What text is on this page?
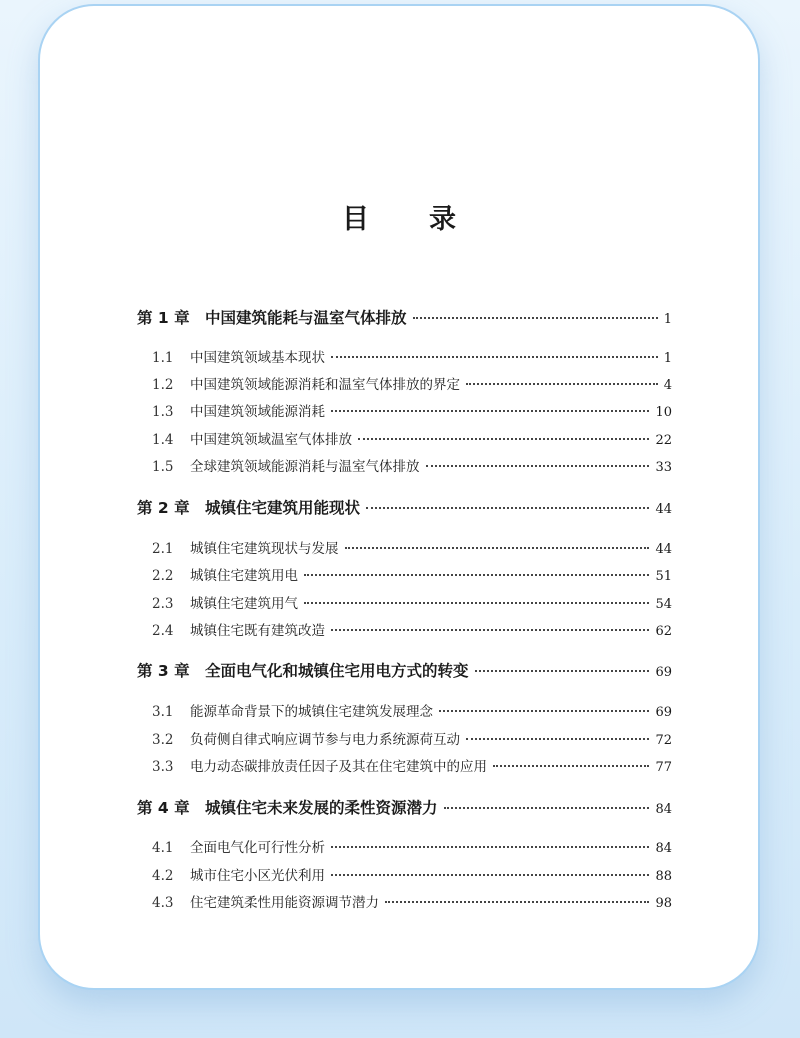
目 录
第 1 章 中国建筑能耗与温室气体排放	1
1.1	中国建筑领域基本现状	1
1.2	中国建筑领域能源消耗和温室气体排放的界定	4
1.3	中国建筑领域能源消耗	10
1.4	中国建筑领域温室气体排放	22
1.5	全球建筑领域能源消耗与温室气体排放	33
第 2 章 城镇住宅建筑用能现状	44
2.1	城镇住宅建筑现状与发展	44
2.2	城镇住宅建筑用电	51
2.3	城镇住宅建筑用气	54
2.4	城镇住宅既有建筑改造	62
第 3 章 全面电气化和城镇住宅用电方式的转变	69
3.1	能源革命背景下的城镇住宅建筑发展理念	69
3.2	负荷侧自律式响应调节参与电力系统源荷互动	72
3.3	电力动态碳排放责任因子及其在住宅建筑中的应用	77
第 4 章 城镇住宅未来发展的柔性资源潜力	84
4.1	全面电气化可行性分析	84
4.2	城市住宅小区光伏利用	88
4.3	住宅建筑柔性用能资源调节潜力	98
